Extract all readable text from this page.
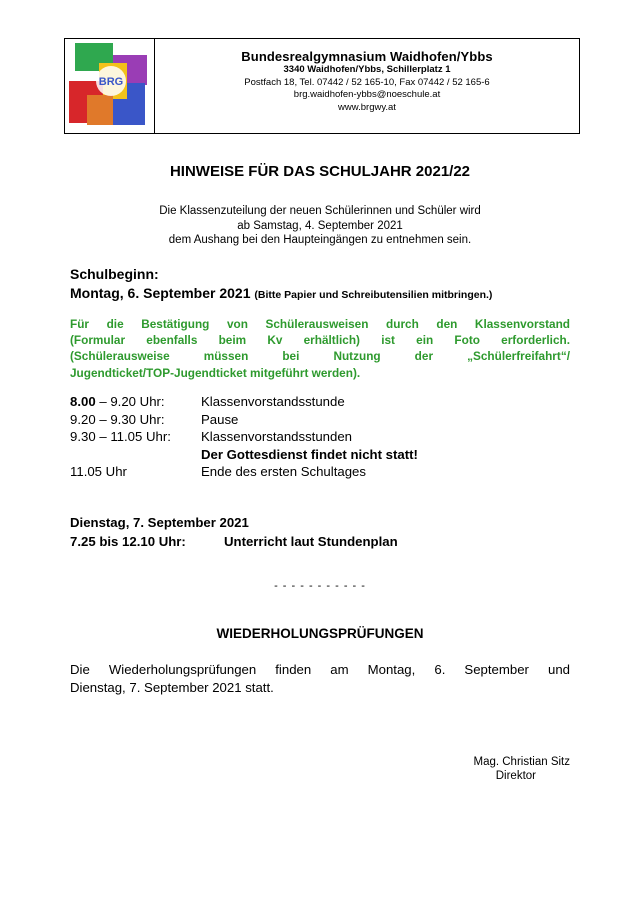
BRG
Bundesrealgymnasium Waidhofen/Ybbs
3340 Waidhofen/Ybbs, Schillerplatz 1
Postfach 18, Tel. 07442 / 52 165-10, Fax 07442 / 52 165-6
brg.waidhofen-ybbs@noeschule.at
www.brgwy.at
HINWEISE FÜR DAS SCHULJAHR 2021/22
Die Klassenzuteilung der neuen Schülerinnen und Schüler wird
ab Samstag, 4. September 2021
dem Aushang bei den Haupteingängen zu entnehmen sein.
Schulbeginn:
Montag, 6. September 2021 (Bitte Papier und Schreibutensilien mitbringen.)
Für die Bestätigung von Schülerausweisen durch den Klassenvorstand
(Formular ebenfalls beim Kv erhältlich) ist ein Foto erforderlich.
(Schülerausweise müssen bei Nutzung der „Schülerfreifahrt“/
Jugendticket/TOP-Jugendticket mitgeführt werden).
8.00 – 9.20 Uhr:	Klassenvorstandsstunde
9.20 – 9.30 Uhr:	Pause
9.30 – 11.05 Uhr: Klassenvorstandsstunden
Der Gottesdienst findet nicht statt!
11.05 Uhr	Ende des ersten Schultages
Dienstag, 7. September 2021
7.25 bis 12.10 Uhr:	Unterricht laut Stundenplan
- - - - - - - - - - -
WIEDERHOLUNGSPRÜFUNGEN
Die Wiederholungsprüfungen finden am Montag, 6. September und
Dienstag, 7. September 2021 statt.
Mag. Christian Sitz
Direktor
